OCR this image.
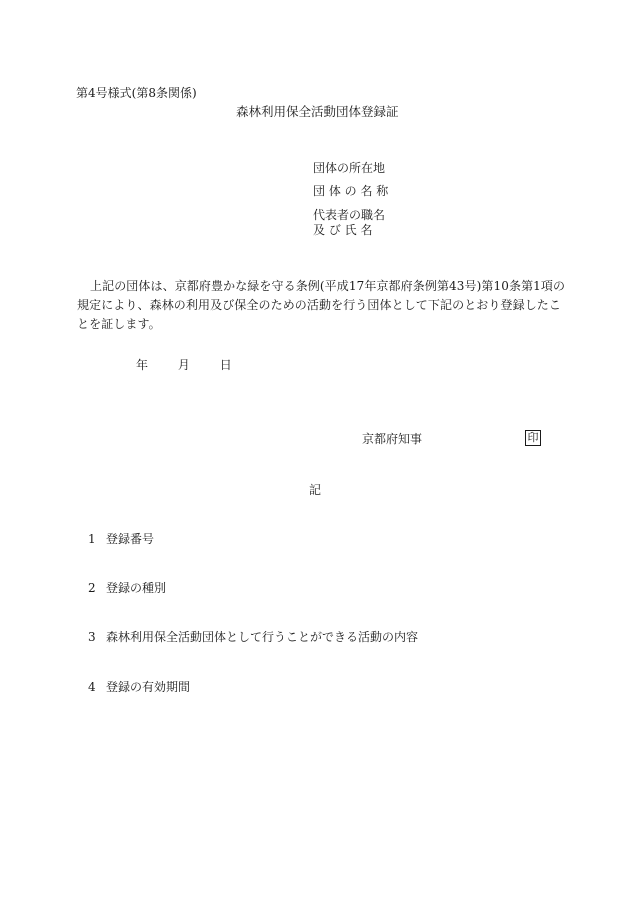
第4号様式(第8条関係)
森林利用保全活動団体登録証
団体の所在地
団 体 の 名 称
代表者の職名
及 び 氏 名
上記の団体は、京都府豊かな緑を守る条例(平成17年京都府条例第43号)第10条第1項の
規定により、森林の利用及び保全のための活動を行う団体として下記のとおり登録したこ
とを証します。
年 月 日
京都府知事	印
記
1 登録番号
2 登録の種別
3 森林利用保全活動団体として行うことができる活動の内容
4 登録の有効期間
